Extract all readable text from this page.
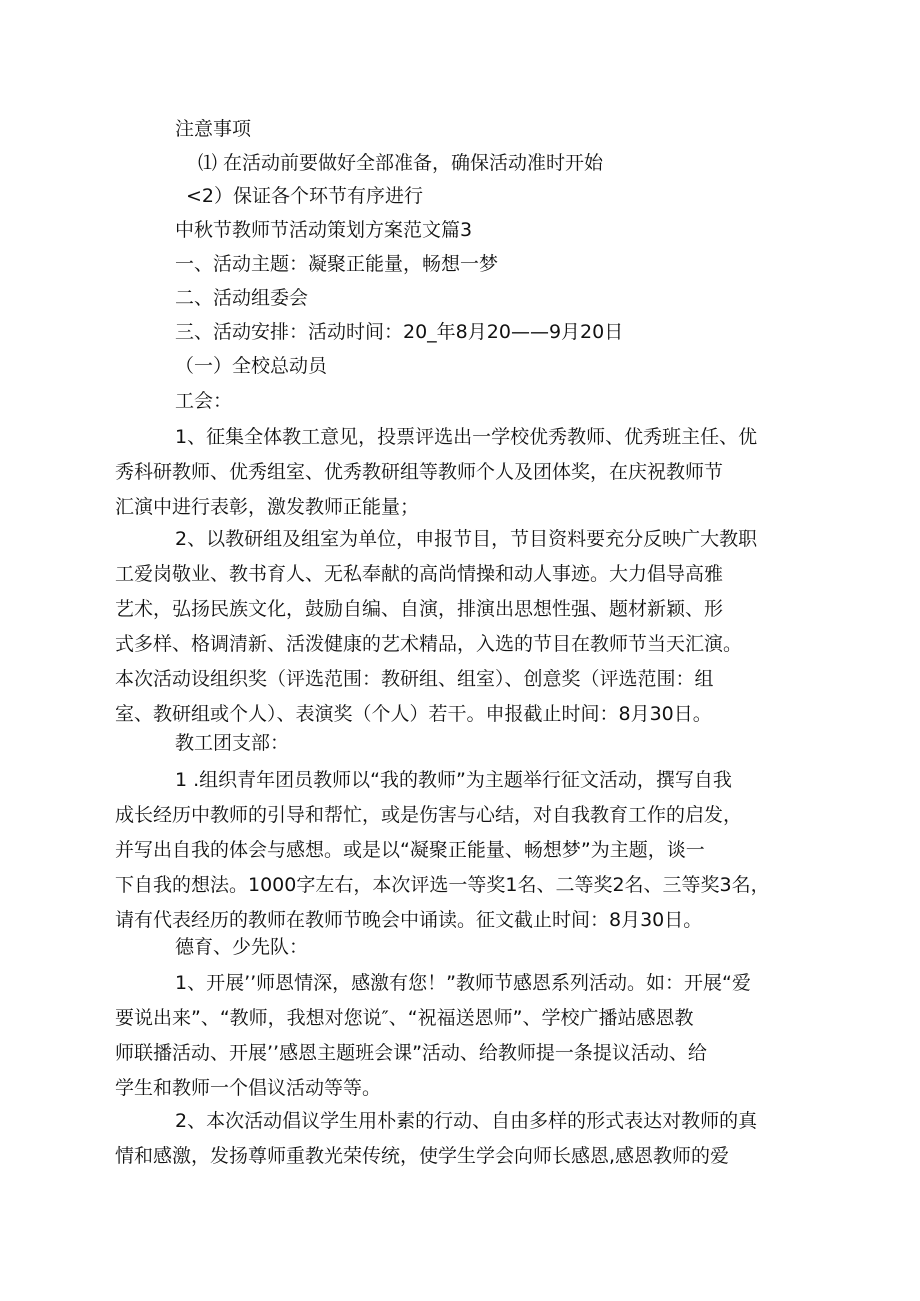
注意事项
⑴ 在活动前要做好全部准备，确保活动准时开始
<2）保证各个环节有序进行
中秋节教师节活动策划方案范文篇3
一、活动主题：凝聚正能量，畅想一梦
二、活动组委会
三、活动安排：活动时间：20_年8月20——9月20日
（一）全校总动员
工会：

1、征集全体教工意见，投票评选出一学校优秀教师、优秀班主任、优

秀科研教师、优秀组室、优秀教研组等教师个人及团体奖，在庆祝教师节

汇演中进行表彰，激发教师正能量；

2、以教研组及组室为单位，申报节目，节目资料要充分反映广大教职

工爱岗敬业、教书育人、无私奉献的高尚情操和动人事迹。大力倡导高雅

艺术，弘扬民族文化，鼓励自编、自演，排演出思想性强、题材新颖、形

式多样、格调清新、活泼健康的艺术精品，入选的节目在教师节当天汇演。

本次活动设组织奖（评选范围：教研组、组室）、创意奖（评选范围：组

室、教研组或个人）、表演奖（个人）若干。申报截止时间：8月30日。

教工团支部：

1 .组织青年团员教师以“我的教师”为主题举行征文活动，撰写自我

成长经历中教师的引导和帮忙，或是伤害与心结，对自我教育工作的启发，

并写出自我的体会与感想。或是以“凝聚正能量、畅想梦”为主题，谈一

下自我的想法。1000字左右，本次评选一等奖1名、二等奖2名、三等奖3名，

请有代表经历的教师在教师节晚会中诵读。征文截止时间：8月30日。

德育、少先队：

1、开展’’师恩情深，感激有您！”教师节感恩系列活动。如：开展“爱

要说出来”、“教师，我想对您说″、“祝福送恩师”、学校广播站感恩教

师联播活动、开展’’感恩主题班会课”活动、给教师提一条提议活动、给

学生和教师一个倡议活动等等。

2、本次活动倡议学生用朴素的行动、自由多样的形式表达对教师的真

情和感激，发扬尊师重教光荣传统，使学生学会向师长感恩,感恩教师的爱
